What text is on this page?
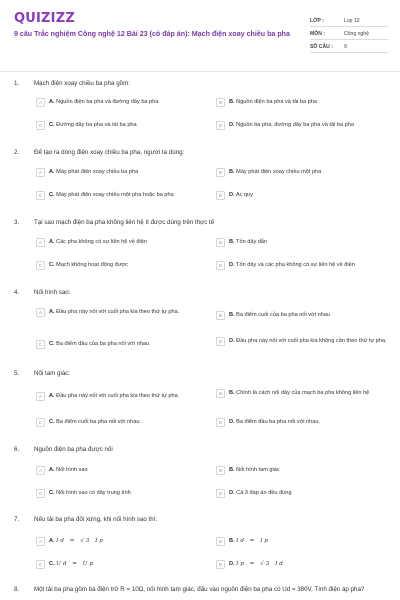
QUIZIZZ
9 câu Trắc nghiệm Công nghệ 12 Bài 23 (có đáp án): Mạch điện xoay chiều ba pha
LỚP :	Lop 12
MÔN :	Công nghệ
SỐ CÂU :	9
1.	Mạch điện xoay chiều ba pha gồm:
A	A. Nguồn điện ba pha và đường dây ba pha	B	B. Nguồn điện ba pha và tải ba pha
C	C. Đường dây ba pha và tải ba pha	D	D. Nguồn ba pha, đường dây ba pha và tải ba pha
2.	Để tạo ra dòng điện xoay chiều ba pha, người ta dùng:
A	A. Máy phát điện xoay chiều ba pha	B	B. Máy phát điện xoay chiều một pha
C	C. Máy phát điện xoay chiều một pha hoặc ba pha	D	D. Ac quy
3.	Tại sao mạch điện ba pha không liên hệ ít được dùng trên thực tế
A	A. Các pha không có sự liên hệ về điện	B	B. Tốn dây dẫn
C	C. Mạch không hoạt động được	D	D. Tốn dây và các pha không có sự liên hệ về điện
4.	Nối hình sao:
A	A. Đầu pha này nối với cuối pha kia theo thứ tự pha.
B	B. Ba điểm cuối của ba pha nối với nhau
C	C. Ba điểm đầu của ba pha nối với nhau	D	D. Đầu pha này nối với cuối pha kia không cần theo thứ tự pha.
5.	Nối tam giác:
A	A. Đầu pha này nối với cuối pha kia theo thứ tự pha	B	B. Chính là cách nối dây của mạch ba pha không liên hệ
C	C. Ba điểm cuối ba pha nối với nhau.	D	D. Ba điểm đầu ba pha nối với nhau.
6.	Nguồn điện ba pha được nối
A	A. Nối hình sao	B	B. Nối hình tam giác
C	C. Nối hình sao có dây trung tính	D	D. Cả 3 đáp án đều đúng
7.	Nếu tải ba pha đối xứng, khi nối hình sao thì:
A	A. Id = √3 Ip	B	B. Id = Ip
C	C. Ud = Up	D	D. Ip = √3 Id
8.	Một tải ba pha gồm ba điện trở R = 10Ω, nối hình tam giác, đấu vào nguồn điện ba pha có Ud = 380V. Tính điện áp pha?
